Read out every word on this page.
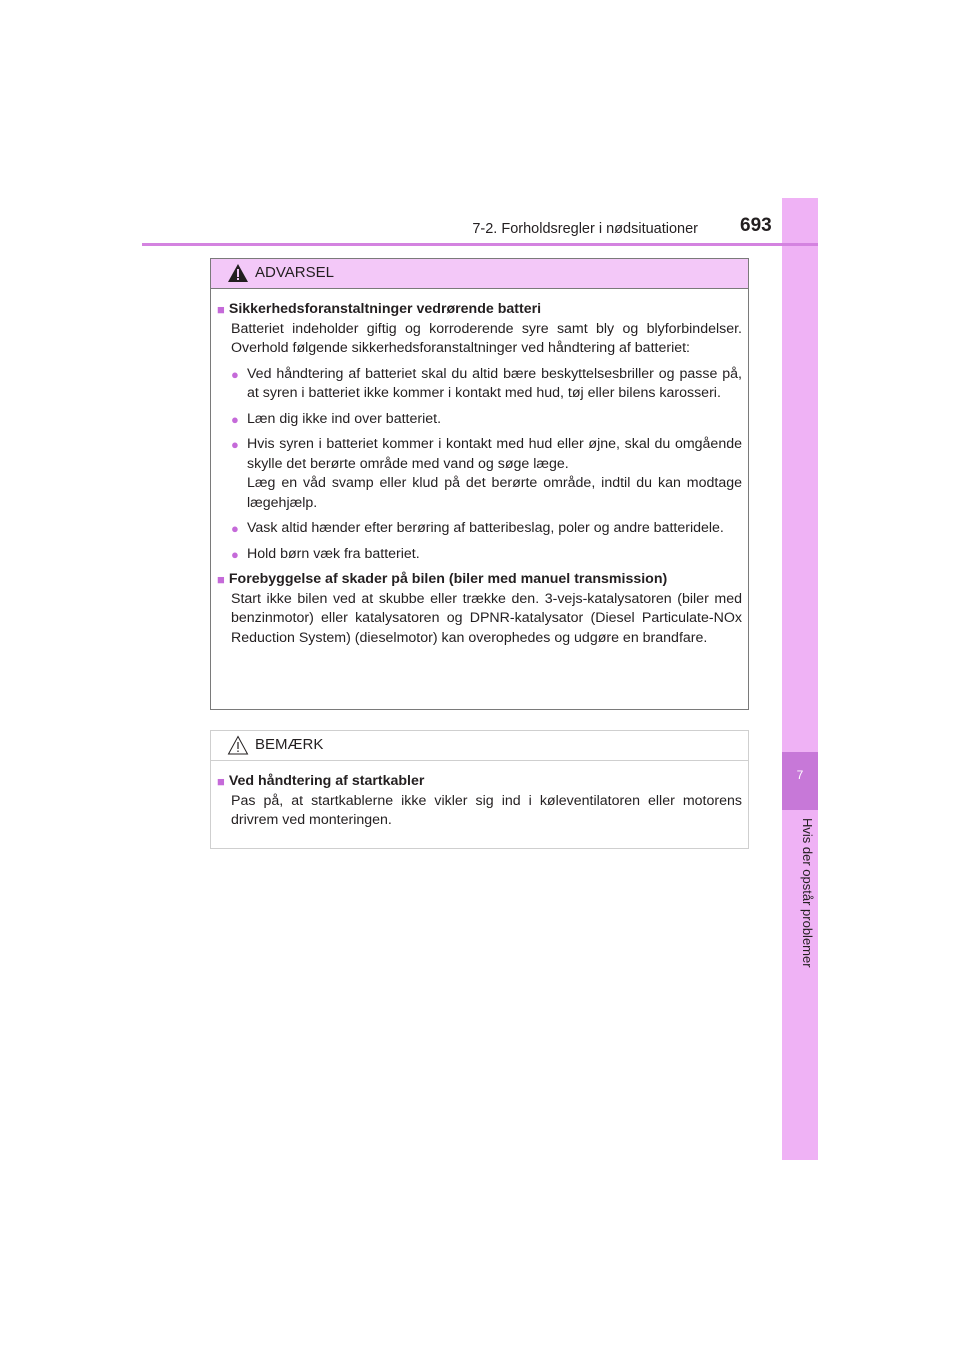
7
Hvis der opstår problemer
7-2. Forholdsregler i nødsituationer 693
ADVARSEL
■ Sikkerhedsforanstaltninger vedrørende batteri
Batteriet indeholder giftig og korroderende syre samt bly og blyforbindelser. Overhold følgende sikkerhedsforanstaltninger ved håndtering af batteriet:
● Ved håndtering af batteriet skal du altid bære beskyttelsesbriller og passe på, at syren i batteriet ikke kommer i kontakt med hud, tøj eller bilens karosseri.
● Læn dig ikke ind over batteriet.
● Hvis syren i batteriet kommer i kontakt med hud eller øjne, skal du omgående skylle det berørte område med vand og søge læge.
Læg en våd svamp eller klud på det berørte område, indtil du kan modtage lægehjælp.
● Vask altid hænder efter berøring af batteribeslag, poler og andre batteridele.
● Hold børn væk fra batteriet.
■ Forebyggelse af skader på bilen (biler med manuel transmission)
Start ikke bilen ved at skubbe eller trække den. 3-vejs-katalysatoren (biler med benzinmotor) eller katalysatoren og DPNR-katalysator (Diesel Particulate-NOx Reduction System) (dieselmotor) kan overophedes og udgøre en brandfare.
BEMÆRK
■ Ved håndtering af startkabler
Pas på, at startkablerne ikke vikler sig ind i køleventilatoren eller motorens drivrem ved monteringen.
